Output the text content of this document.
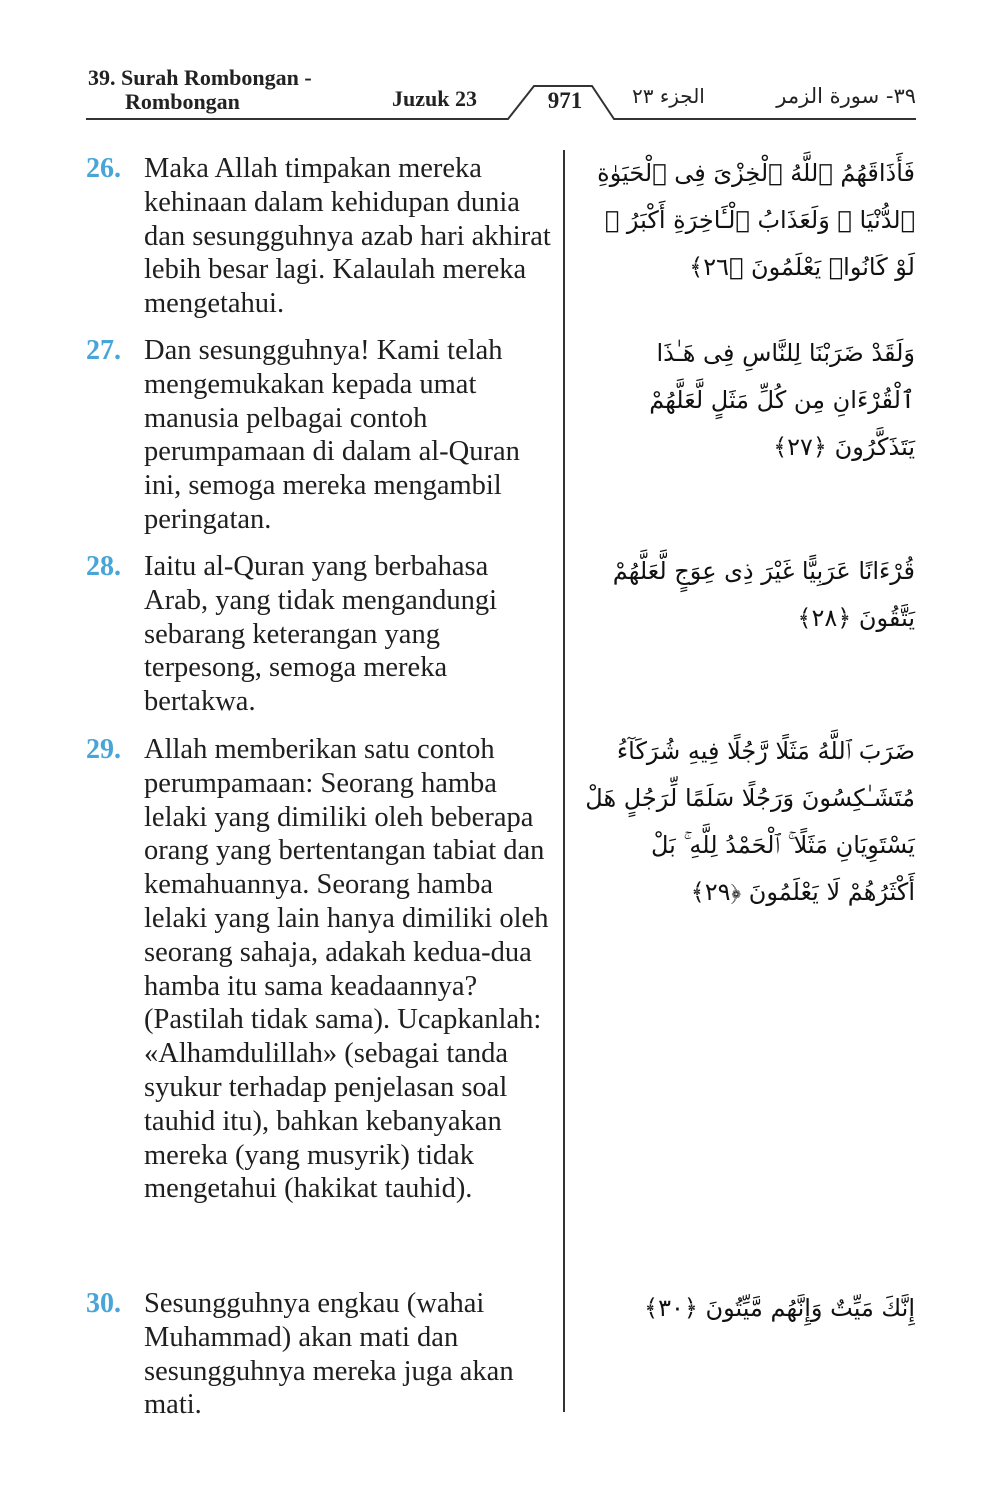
39. Surah Rombongan -
Rombongan	Juzuk 23	971	الجزء ٢٣	٣٩- سورة الزمر
26. Maka Allah timpakan mereka kehinaan dalam kehidupan dunia dan sesungguhnya azab hari akhirat lebih besar lagi. Kalaulah mereka mengetahui.
فَأَذَاقَهُمُ ٱللَّهُ ٱلْخِزْىَ فِى ٱلْحَيَوٰةِ ٱلدُّنْيَا ۖ وَلَعَذَابُ ٱلْـَٔاخِرَةِ أَكْبَرُ ۚ لَوْ كَانُوا۟ يَعْلَمُونَ ﴿٢٦﴾
27. Dan sesungguhnya! Kami telah mengemukakan kepada umat manusia pelbagai contoh perumpamaan di dalam al-Quran ini, semoga mereka mengambil peringatan.
وَلَقَدْ ضَرَبْنَا لِلنَّاسِ فِى هَـٰذَا ٱلْقُرْءَانِ مِن كُلِّ مَثَلٍ لَّعَلَّهُمْ يَتَذَكَّرُونَ ﴿٢٧﴾
28. Iaitu al-Quran yang berbahasa Arab, yang tidak mengandungi sebarang keterangan yang terpesong, semoga mereka bertakwa.
قُرْءَانًا عَرَبِيًّا غَيْرَ ذِى عِوَجٍ لَّعَلَّهُمْ يَتَّقُونَ ﴿٢٨﴾
29. Allah memberikan satu contoh perumpamaan: Seorang hamba lelaki yang dimiliki oleh beberapa orang yang bertentangan tabiat dan kemahuannya. Seorang hamba lelaki yang lain hanya dimiliki oleh seorang sahaja, adakah kedua-dua hamba itu sama keadaannya? (Pastilah tidak sama). Ucapkanlah: «Alhamdulillah» (sebagai tanda syukur terhadap penjelasan soal tauhid itu), bahkan kebanyakan mereka (yang musyrik) tidak mengetahui (hakikat tauhid).
ضَرَبَ ٱللَّهُ مَثَلًا رَّجُلًا فِيهِ شُرَكَآءُ مُتَشَـٰكِسُونَ وَرَجُلًا سَلَمًا لِّرَجُلٍ هَلْ يَسْتَوِيَانِ مَثَلًا ۚ ٱلْحَمْدُ لِلَّهِ ۚ بَلْ أَكْثَرُهُمْ لَا يَعْلَمُونَ ﴿٢٩﴾
30. Sesungguhnya engkau (wahai Muhammad) akan mati dan sesungguhnya mereka juga akan mati.
إِنَّكَ مَيِّتٌ وَإِنَّهُم مَّيِّتُونَ ﴿٣٠﴾
